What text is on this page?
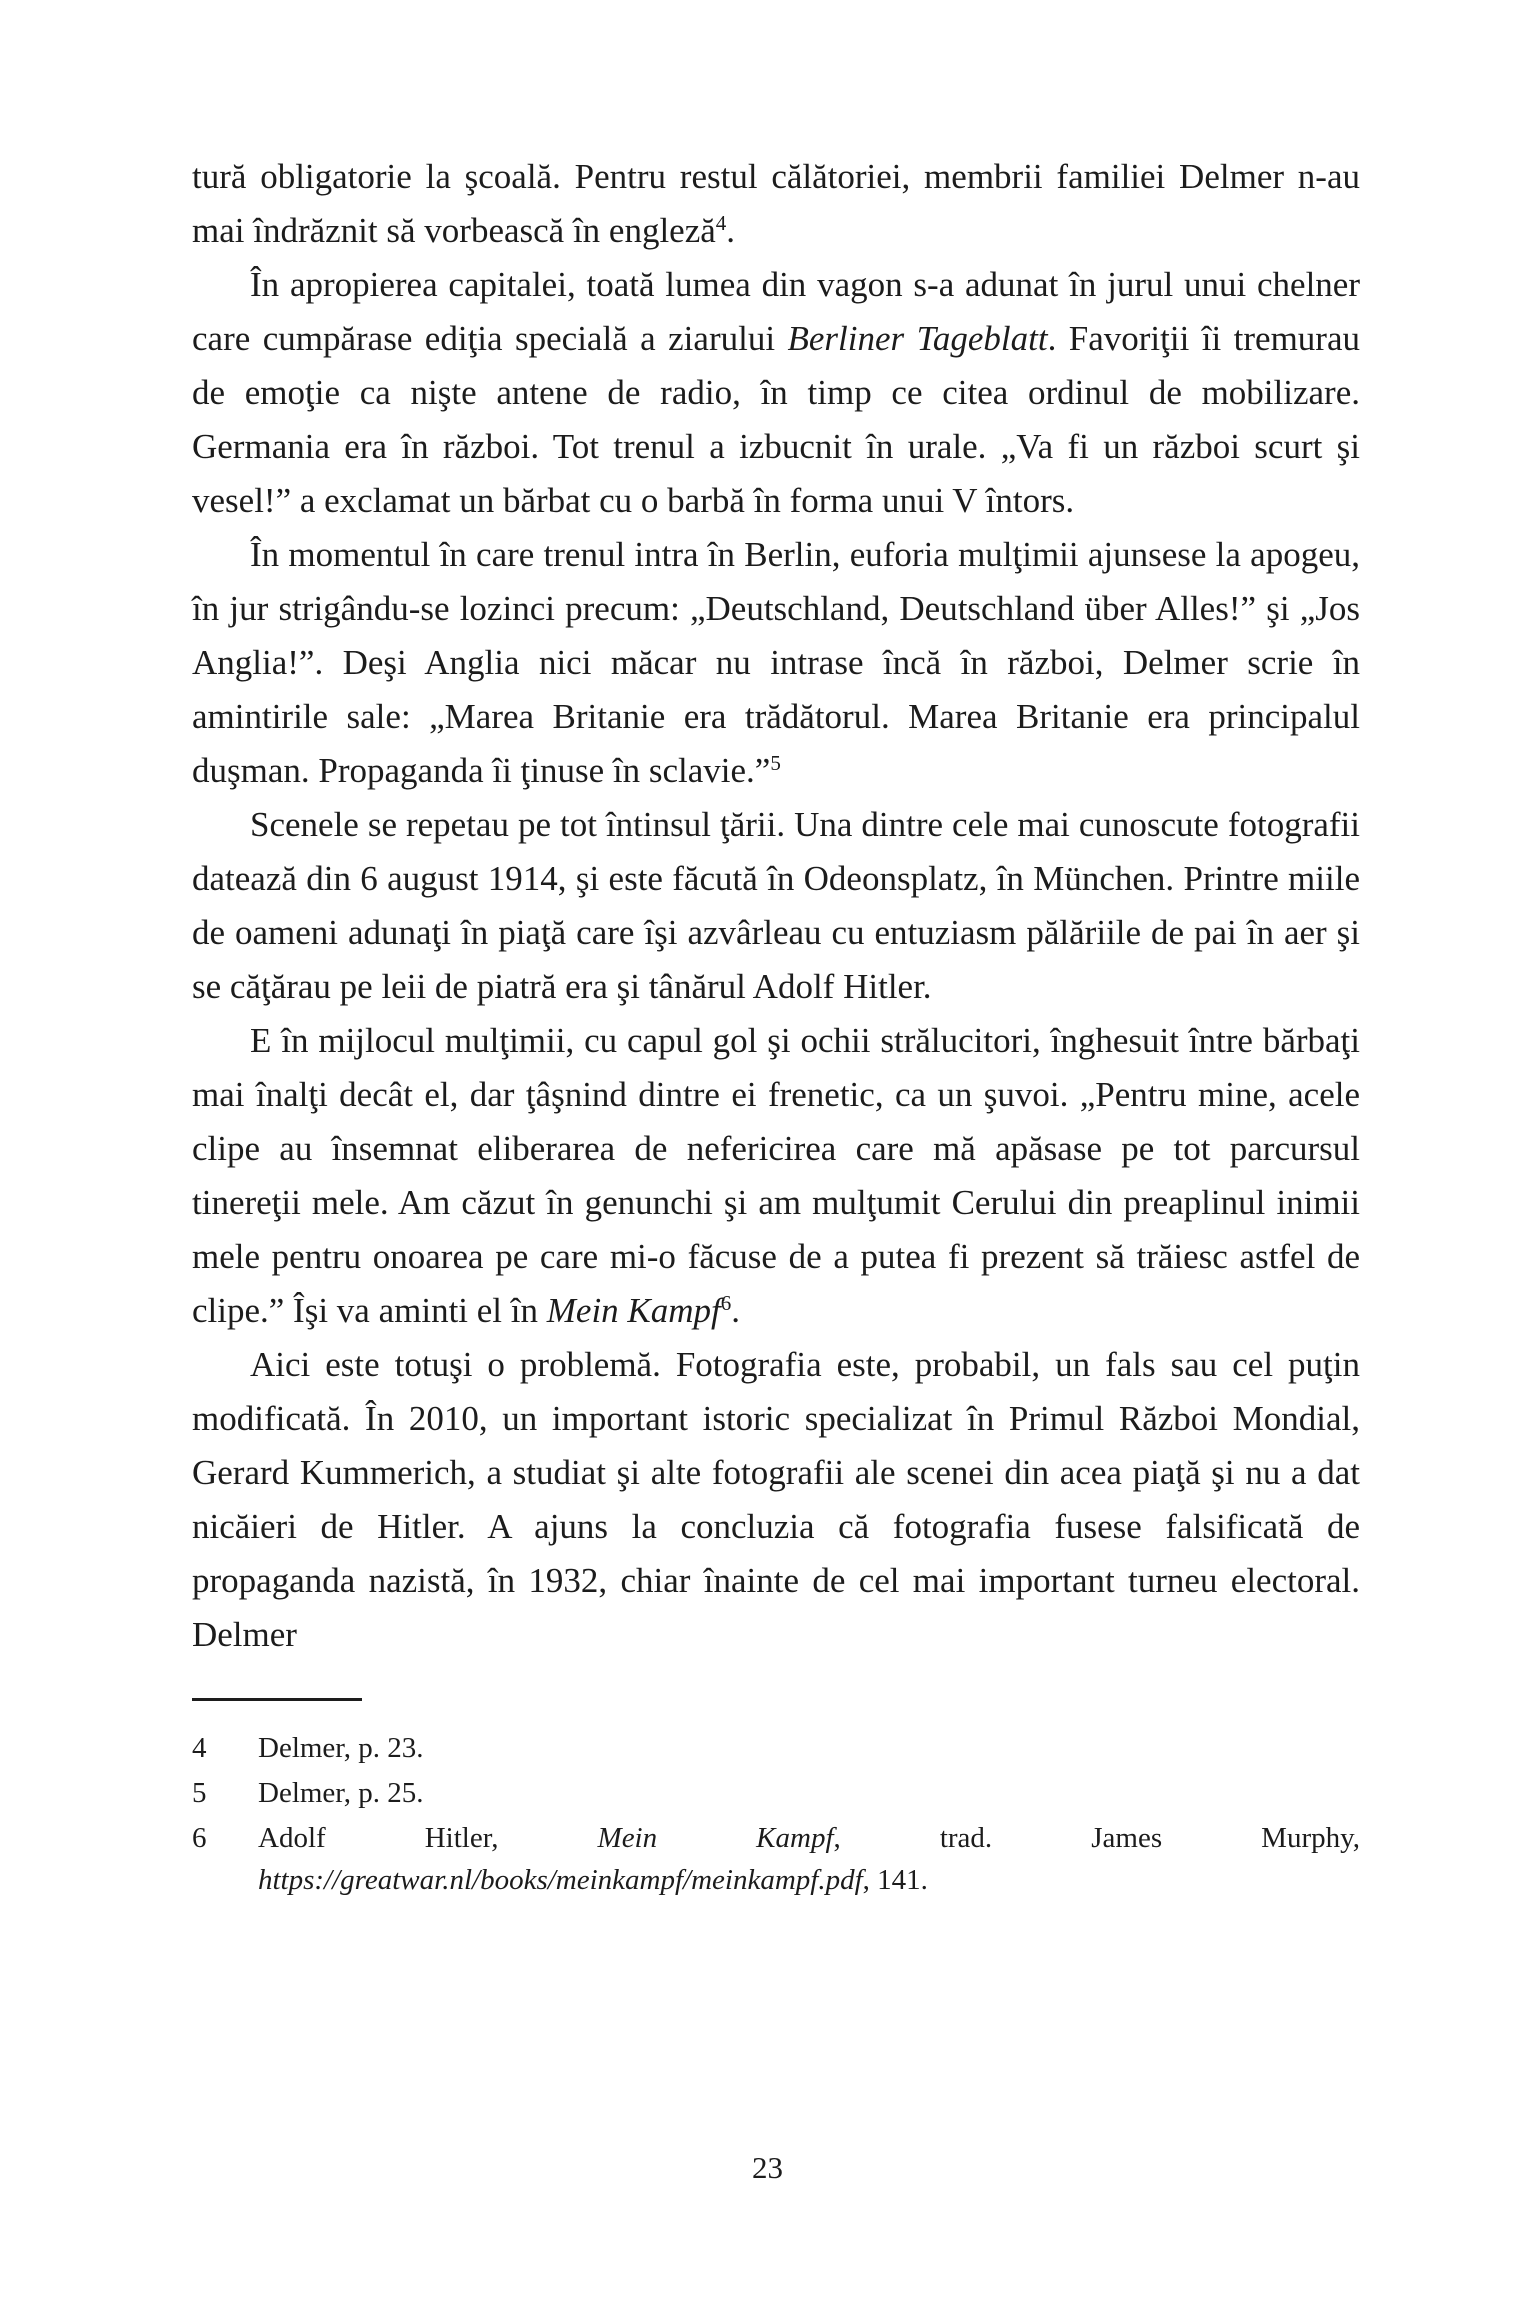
tură obligatorie la şcoală. Pentru restul călătoriei, membrii familiei Delmer n-au mai îndrăznit să vorbească în engleză$^4$.

În apropierea capitalei, toată lumea din vagon s-a adunat în jurul unui chelner care cumpărase ediţia specială a ziarului Berliner Tageblatt. Favoriţii îi tremurau de emoţie ca nişte antene de radio, în timp ce citea ordinul de mobilizare. Germania era în război. Tot trenul a izbucnit în urale. „Va fi un război scurt şi vesel!” a exclamat un bărbat cu o barbă în forma unui V întors.

În momentul în care trenul intra în Berlin, euforia mulţimii ajunsese la apogeu, în jur strigându-se lozinci precum: „Deutschland, Deutschland über Alles!” şi „Jos Anglia!”. Deşi Anglia nici măcar nu intrase încă în război, Delmer scrie în amintirile sale: „Marea Britanie era trădătorul. Marea Britanie era principalul duşman. Propaganda îi ţinuse în sclavie.”$^5$

Scenele se repetau pe tot întinsul ţării. Una dintre cele mai cunoscute fotografii datează din 6 august 1914, şi este făcută în Odeonsplatz, în München. Printre miile de oameni adunaţi în piaţă care îşi azvârleau cu entuziasm pălăriile de pai în aer şi se căţărau pe leii de piatră era şi tânărul Adolf Hitler.

E în mijlocul mulţimii, cu capul gol şi ochii strălucitori, înghesuit între bărbaţi mai înalţi decât el, dar ţâşnind dintre ei frenetic, ca un şuvoi. „Pentru mine, acele clipe au însemnat eliberarea de nefericirea care mă apăsase pe tot parcursul tinereţii mele. Am căzut în genunchi şi am mulţumit Cerului din preaplinul inimii mele pentru onoarea pe care mi-o făcuse de a putea fi prezent să trăiesc astfel de clipe.” Îşi va aminti el în Mein Kampf$^6$.

Aici este totuşi o problemă. Fotografia este, probabil, un fals sau cel puţin modificată. În 2010, un important istoric specializat în Primul Război Mondial, Gerard Kummerich, a studiat şi alte fotografii ale scenei din acea piaţă şi nu a dat nicăieri de Hitler. A ajuns la concluzia că fotografia fusese falsificată de propaganda nazistă, în 1932, chiar înainte de cel mai important turneu electoral. Delmer

4 Delmer, p. 23.
5 Delmer, p. 25.
6 Adolf Hitler, Mein Kampf, trad. James Murphy, https://greatwar.nl/books/meinkampf/meinkampf.pdf, 141.
23
